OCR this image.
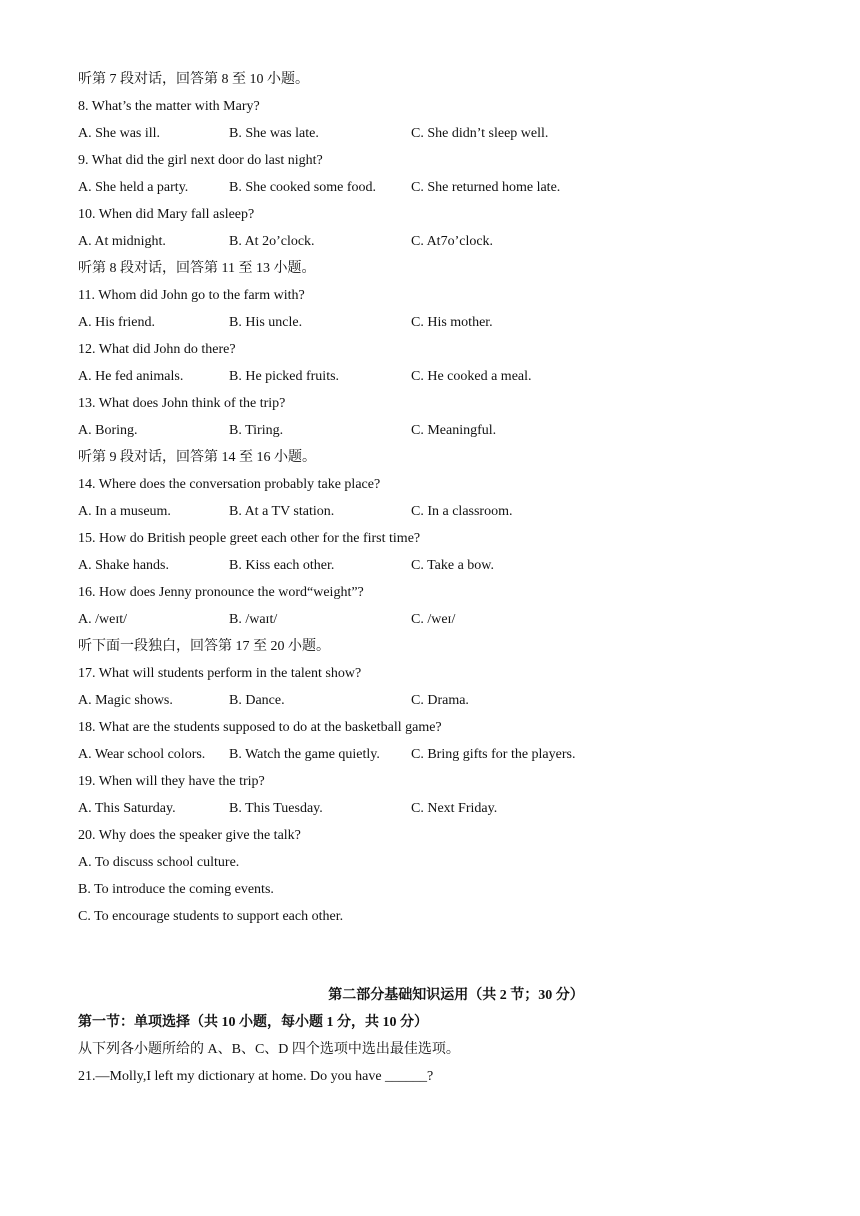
听第 7 段对话，回答第 8 至 10 小题。
8. What’s the matter with Mary?
A. She was ill.	B. She was late.	C. She didn’t sleep well.
9. What did the girl next door do last night?
A. She held a party.	B. She cooked some food.	C. She returned home late.
10. When did Mary fall asleep?
A. At midnight.	B. At 2o’clock.	C. At7o’clock.
听第 8 段对话，回答第 11 至 13 小题。
11. Whom did John go to the farm with?
A. His friend.	B. His uncle.	C. His mother.
12. What did John do there?
A. He fed animals.	B. He picked fruits.	C. He cooked a meal.
13. What does John think of the trip?
A. Boring.	B. Tiring.	C. Meaningful.
听第 9 段对话，回答第 14 至 16 小题。
14. Where does the conversation probably take place?
A. In a museum.	B. At a TV station.	C. In a classroom.
15. How do British people greet each other for the first time?
A. Shake hands.	B. Kiss each other.	C. Take a bow.
16. How does Jenny pronounce the word“weight”?
A. /weɪt/	B. /waɪt/	C. /weɪ/
听下面一段独白，回答第 17 至 20 小题。
17. What will students perform in the talent show?
A. Magic shows.	B. Dance.	C. Drama.
18. What are the students supposed to do at the basketball game?
A. Wear school colors. B. Watch the game quietly. C. Bring gifts for the players.
19. When will they have the trip?
A. This Saturday.	B. This Tuesday.	C. Next Friday.
20. Why does the speaker give the talk?
A. To discuss school culture.
B. To introduce the coming events.
C. To encourage students to support each other.
第二部分基础知识运用（共 2 节；30 分）
第一节：单项选择（共 10 小题，每小题 1 分，共 10 分）
从下列各小题所给的 A、B、C、D 四个选项中选出最佳选项。
21.—Molly,I left my dictionary at home. Do you have ______?
